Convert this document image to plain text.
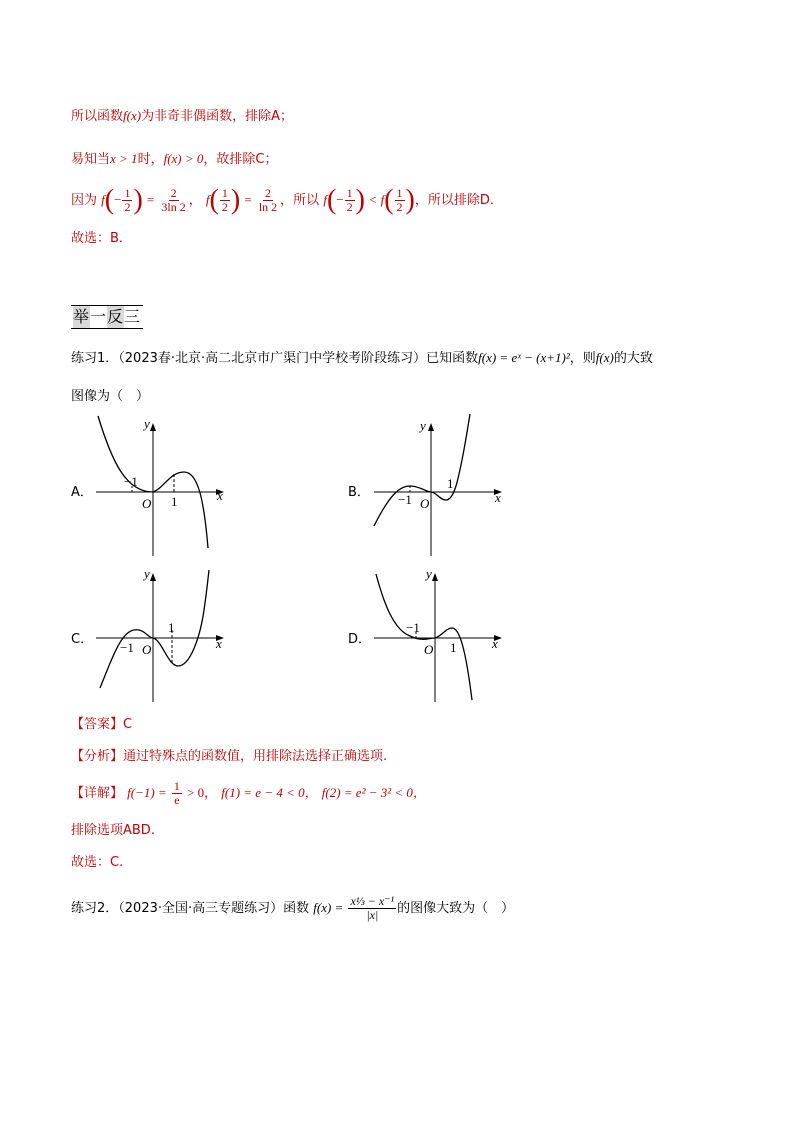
所以函数f(x)为非奇非偶函数，排除A；
易知当x > 1时，f(x) > 0，故排除C；
因为 $f(- \frac{1}{2}$ ) = $\frac{2}{3\ln 2}$ ， $f( \frac{1}{2}$ ) = $\frac{2}{\ln 2}$ ，所以 $f(- \frac{1}{2}$ ) < $f( \frac{1}{2}$ )，所以排除D．
故选：B．
举一反三
练习1．（2023春·北京·高二北京市广渠门中学校考阶段练习）已知函数f(x) = eˣ − (x+1)²，则f(x)的大致
图像为（　）
A．	B．
C．	D．
−1
1
O
x
y
−1
1
O	x
y
−1
1
O	x
y
−1
1
O	x
y
【答案】C
【分析】通过特殊点的函数值，用排除法选择正确选项.
【详解】 $f(-1) = \frac{1}{e} > 0$， f(1) = e − 4 < 0， f(2) = e² − 3² < 0，
排除选项ABD.
故选：C.
练习2．（2023·全国·高三专题练习）函数 $f(x) = \frac{\text{x⅓ − x⁻¹}}{|x|}$ 的图像大致为（　）
